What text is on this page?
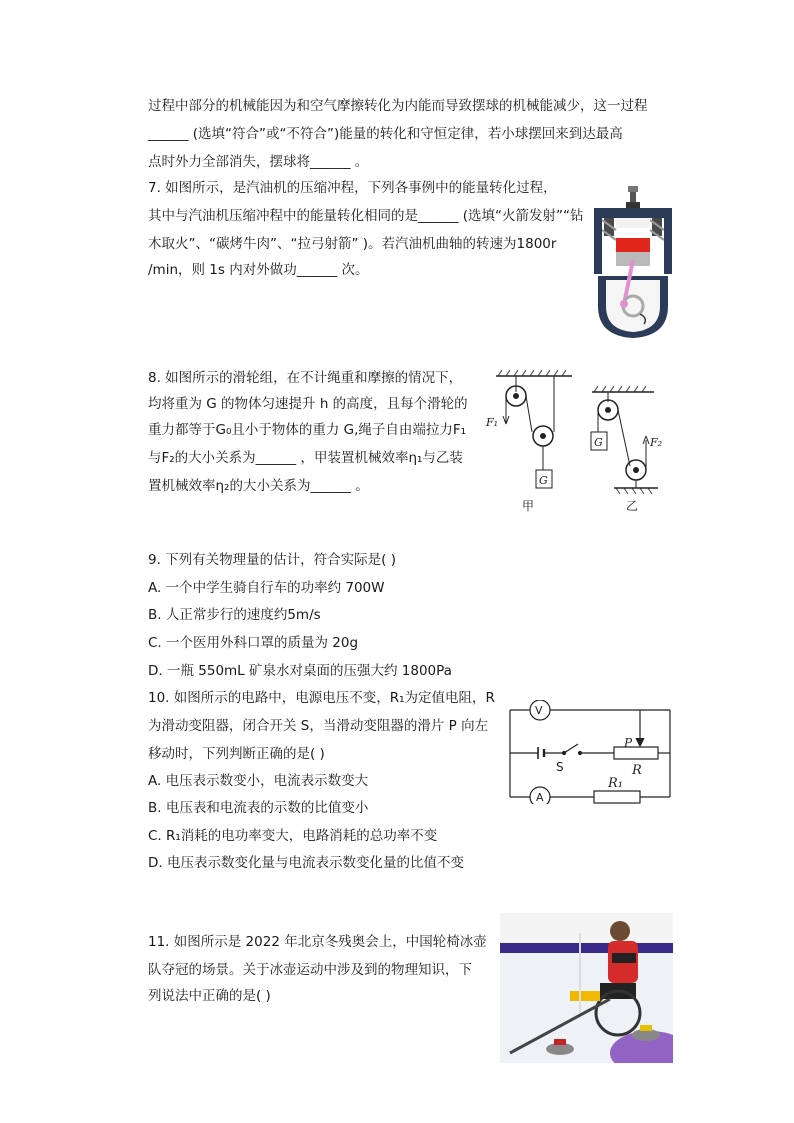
过程中部分的机械能因为和空气摩擦转化为内能而导致摆球的机械能减少，这一过程
______ (选填“符合”或“不符合”)能量的转化和守恒定律，若小球摆回来到达最高
点时外力全部消失，摆球将______ 。
7. 如图所示，是汽油机的压缩冲程，下列各事例中的能量转化过程，
其中与汽油机压缩冲程中的能量转化相同的是______ (选填“火箭发射”“钻
木取火”、“碳烤牛肉”、“拉弓射箭” )。若汽油机曲轴的转速为1800r
/min，则 1s 内对外做功______ 次。
8. 如图所示的滑轮组，在不计绳重和摩擦的情况下，
均将重为 G 的物体匀速提升 h 的高度，且每个滑轮的
重力都等于G₀且小于物体的重力 G,绳子自由端拉力F₁
与F₂的大小关系为______ ，甲装置机械效率η₁与乙装
置机械效率η₂的大小关系为______ 。
F₁
F₂
G
G
甲	乙
9. 下列有关物理量的估计，符合实际是( )
A. 一个中学生骑自行车的功率约 700W
B. 人正常步行的速度约5m/s
C. 一个医用外科口罩的质量为 20g
D. 一瓶 550mL 矿泉水对桌面的压强大约 1800Pa
10. 如图所示的电路中，电源电压不变，R₁为定值电阻，R
为滑动变阻器，闭合开关 S，当滑动变阻器的滑片 P 向左
移动时，下列判断正确的是( )
A. 电压表示数变小，电流表示数变大
B. 电压表和电流表的示数的比值变小
C. R₁消耗的电功率变大，电路消耗的总功率不变
D. 电压表示数变化量与电流表示数变化量的比值不变
V
A
S
P
R
R₁
11. 如图所示是 2022 年北京冬残奥会上，中国轮椅冰壶
队夺冠的场景。关于冰壶运动中涉及到的物理知识，下
列说法中正确的是( )
